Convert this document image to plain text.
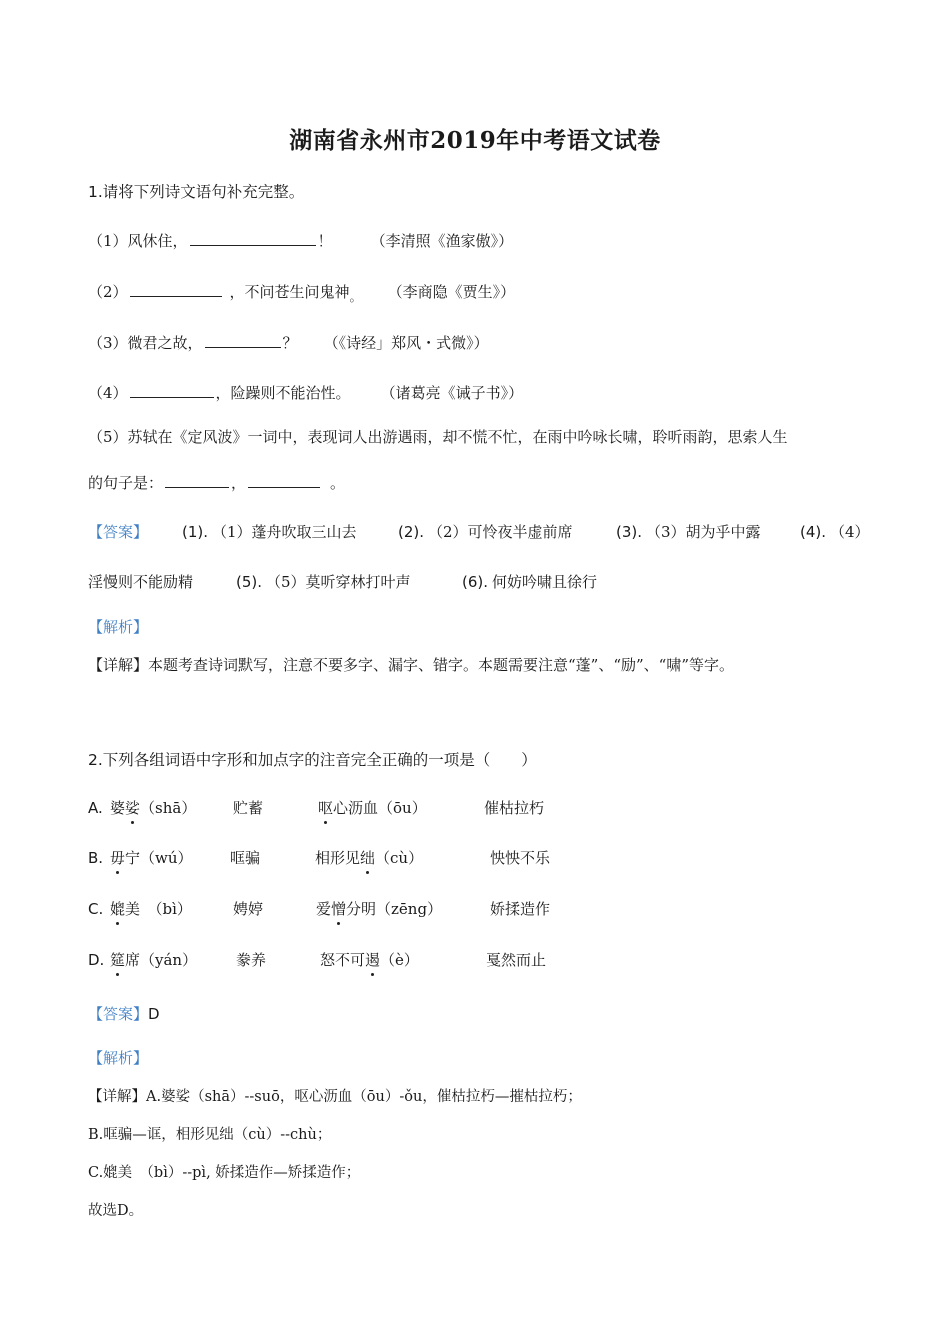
湖南省永州市2019年中考语文试卷
1.请将下列诗文语句补充完整。
（1）风休住，	！	（李清照《渔家傲》）
（2）	，不问苍生问鬼神$_。$ （李商隐《贾生》）
（3）微君之故，	？ （《诗经」郑风・式微》）
（4）	，险躁则不能治性。 （诸葛亮《诫子书》）
（5）苏轼在《定风波》一词中，表现词人出游遇雨，却不慌不忙，在雨中吟咏长啸，聆听雨韵，思索人生
的句子是：	，	。
【答案】 (1). （1）蓬舟吹取三山去	(2). （2）可怜夜半虚前席	(3). （3）胡为乎中露	(4). （4）
淫慢则不能励精	(5). （5）莫听穿林打叶声	(6). 何妨吟啸且徐行
【解析】
【详解】本题考查诗词默写，注意不要多字、漏字、错字。本题需要注意“蓬”、“励”、“啸”等字。
2.下列各组词语中字形和加点字的注音完全正确的一项是（　　）
A. 婆娑（shā） 贮蓄	呕心沥血（ōu）	催枯拉朽
B. 毋宁（wú） 哐骗	相形见绌（cù）	怏怏不乐
C. 媲美　（bì）	娉婷	爱憎分明（zēng）	娇揉造作
D. 筵席（yán）	豢养	怒不可遏（è）	戛然而止
【答案】D
【解析】
【详解】A.婆娑（shā）--suō，呕心沥血（ōu）-ǒu，催枯拉朽—摧枯拉朽；
B.哐骗—诓，相形见绌（cù）--chù；
C.媲美　（bì）--pì, 娇揉造作—矫揉造作；
故选D。
